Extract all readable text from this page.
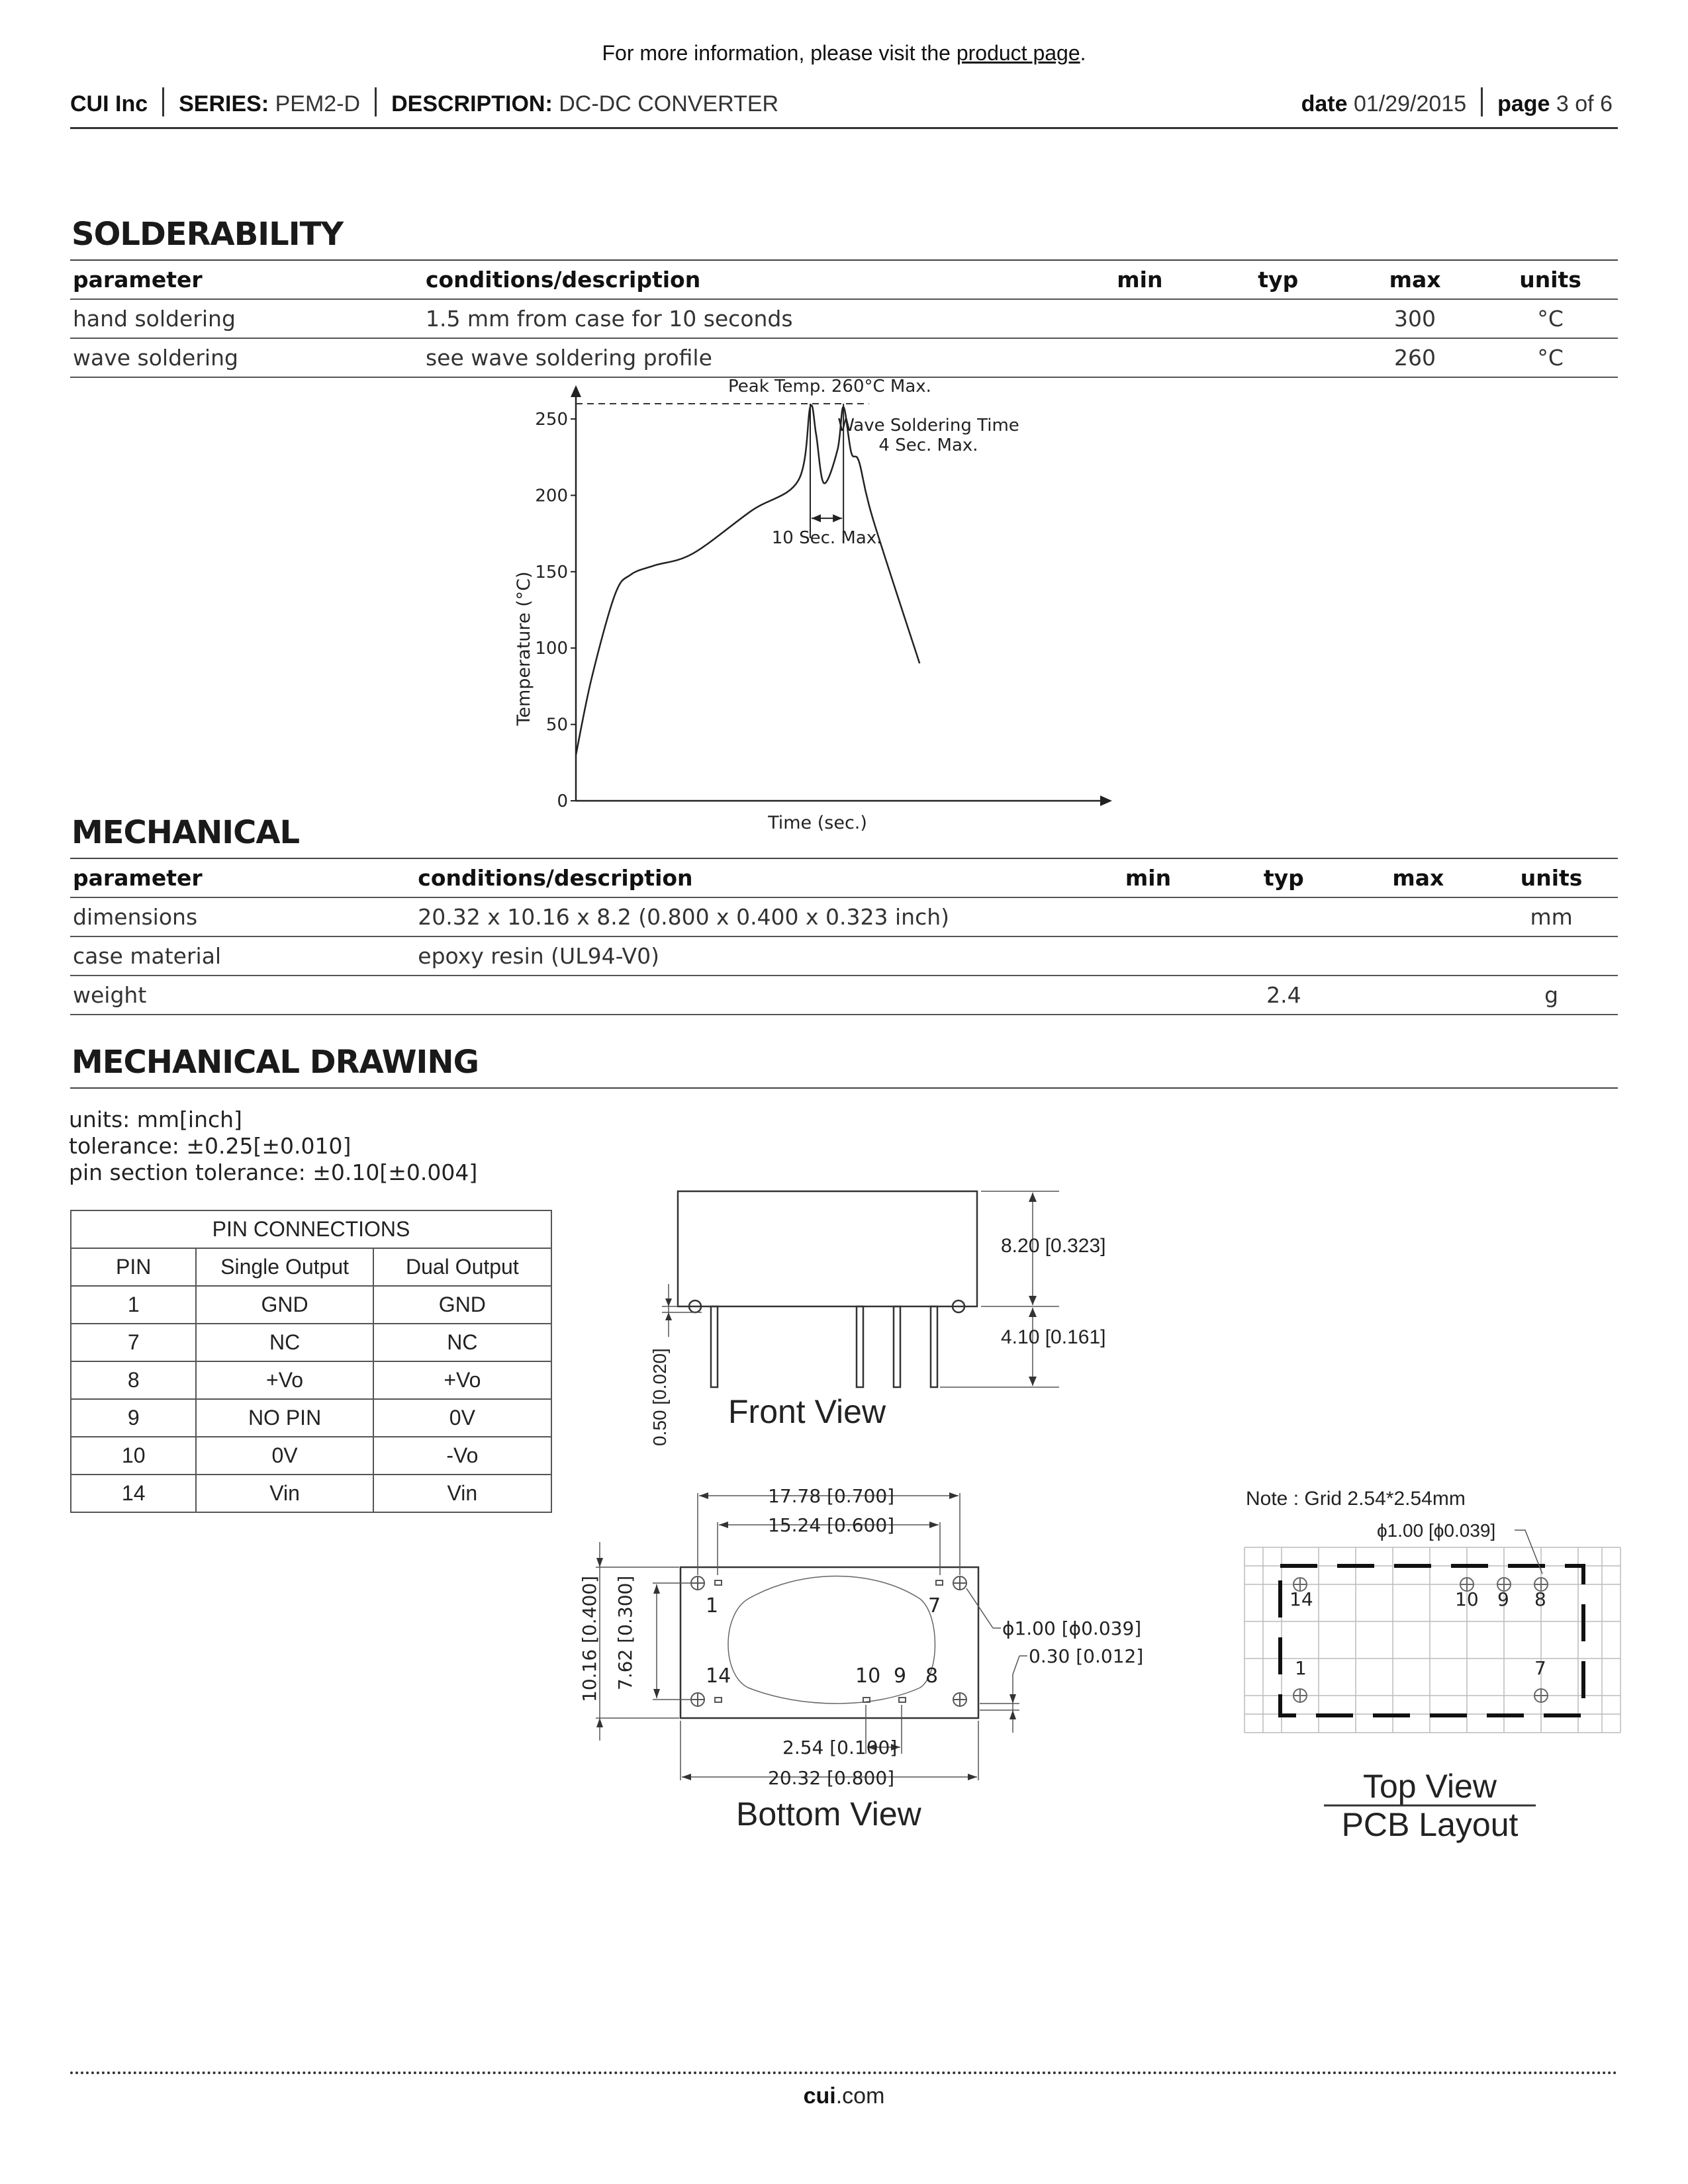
For more information, please visit the product page.
CUI Inc SERIES: PEM2-D DESCRIPTION: DC-DC CONVERTER	date 01/29/2015 page 3 of 6
SOLDERABILITY
parameter	conditions/description	min	typ	max	units
hand soldering	1.5 mm from case for 10 seconds			300	°C
wave soldering	see wave soldering profile			260	°C
0
50
100
150
200
250
Time (sec.)
Temperature (°C)
Peak Temp. 260°C Max.
Wave Soldering Time
4 Sec. Max.
10 Sec. Max.
MECHANICAL
parameter	conditions/description	min	typ	max	units
dimensions	20.32 x 10.16 x 8.2 (0.800 x 0.400 x 0.323 inch)				mm
case material	epoxy resin (UL94-V0)				
weight			2.4		g
MECHANICAL DRAWING
units: mm[inch]
tolerance: ±0.25[±0.010]
pin section tolerance: ±0.10[±0.004]
PIN CONNECTIONS		
PIN	Single Output	Dual Output
1	GND	GND
7	NC	NC
8	+Vo	+Vo
9	NO PIN	0V
10	0V	-Vo
14	Vin	Vin
8.20 [0.323]
4.10 [0.161]
0.50 [0.020] Front View
1	7
14	10 9 8
17.78 [0.700]
15.24 [0.600]
10.16 [0.400] 7.62 [0.300]	ϕ1.00 [ϕ0.039]
0.30 [0.012]
2.54 [0.100]
20.32 [0.800]
Bottom View
Note : Grid 2.54*2.54mm
ϕ1.00 [ϕ0.039]
14	10 9 8
1	7
Top View
PCB Layout
cui.com
